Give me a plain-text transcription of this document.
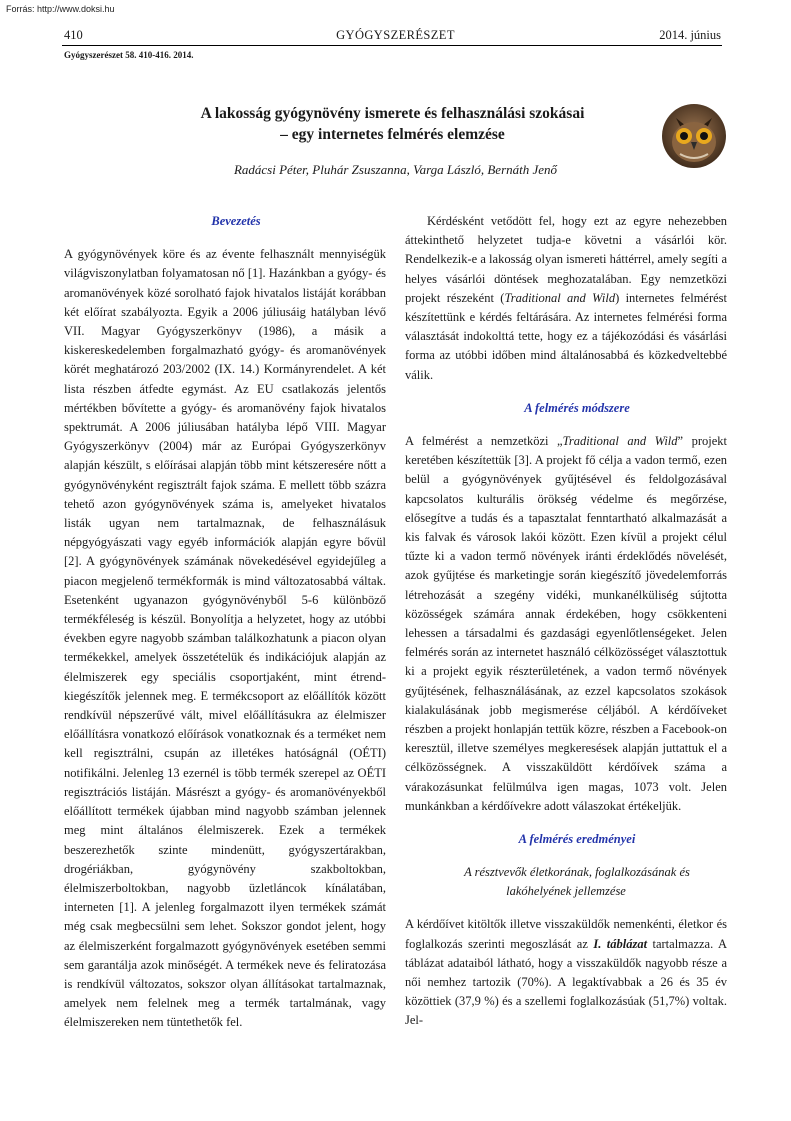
Forrás: http://www.doksi.hu
GYÓGYSZERÉSZET
410	2014. június
Gyógyszerészet 58. 410-416. 2014.
A lakosság gyógynövény ismerete és felhasználási szokásai
– egy internetes felmérés elemzése
Radácsi Péter, Pluhár Zsuszanna, Varga László, Bernáth Jenő

Bevezetés

A gyógynövények köre és az évente felhasznált mennyiségük világviszonylatban folyamatosan nő [1]. Hazánkban a gyógy- és aromanövények közé sorolható fajok hivatalos listáját korábban két előírat szabályozta. Egyik a 2006 júliusáig hatályban lévő VII. Magyar Gyógyszerkönyv (1986), a másik a kiskereskedelemben forgalmazható gyógy- és aromanövények körét meghatározó 203/2002 (IX. 14.) Kormányrendelet. A két lista részben átfedte egymást. Az EU csatlakozás jelentős mértékben bővítette a gyógy- és aromanövény fajok hivatalos spektrumát. A 2006 júliusában hatályba lépő VIII. Magyar Gyógyszerkönyv (2004) már az Európai Gyógyszerkönyv alapján készült, s előírásai alapján több mint kétszeresére nőtt a gyógynövényként regisztrált fajok száma. E mellett több százra tehető azon gyógynövények száma is, amelyeket hivatalos listák ugyan nem tartalmaznak, de felhasználásuk népgyógyászati vagy egyéb információk alapján egyre bővül [2]. A gyógynövények számának növekedésével egyidejűleg a piacon megjelenő termékformák is mind változatosabbá váltak. Esetenként ugyanazon gyógynövényből 5-6 különböző termékféleség is készül. Bonyolítja a helyzetet, hogy az utóbbi években egyre nagyobb számban találkozhatunk a piacon olyan termékekkel, amelyek összetételük és indikációjuk alapján az élelmiszerek egy speciális csoportjaként, mint étrend-kiegészítők jelennek meg. E termékcsoport az előállítók között rendkívül népszerűvé vált, mivel előállításukra az élelmiszer előállításra vonatkozó előírások vonatkoznak és a terméket nem kell regisztrálni, csupán az illetékes hatóságnál (OÉTI) notifikálni. Jelenleg 13 ezernél is több termék szerepel az OÉTI regisztrációs listáján. Másrészt a gyógy- és aromanövényekből előállított termékek újabban mind nagyobb számban jelennek meg mint általános élelmiszerek. Ezek a termékek beszerezhetők szinte mindenütt, gyógyszertárakban, drogériákban, gyógynövény szakboltokban, élelmiszerboltokban, nagyobb üzletláncok kínálatában, interneten [1]. A jelenleg forgalmazott ilyen termékek számát még csak megbecsülni sem lehet. Sokszor gondot jelent, hogy az élelmiszerként forgalmazott gyógynövények esetében semmi sem garantálja azok minőségét. A termékek neve és feliratozása is rendkívül változatos, sokszor olyan állításokat tartalmaznak, amelyek nem felelnek meg a termék tartalmának, vagy élelmiszereken nem tüntethetők fel.

Kérdésként vetődött fel, hogy ezt az egyre nehezebben áttekinthető helyzetet tudja-e követni a vásárlói kör. Rendelkezik-e a lakosság olyan ismereti háttérrel, amely segíti a helyes vásárlói döntések meghozatalában. Egy nemzetközi projekt részeként (Traditional and Wild) internetes felmérést készítettünk e kérdés feltárására. Az internetes felmérési forma választását indokolttá tette, hogy ez a tájékozódási és vásárlási forma az utóbbi időben mind általánosabbá és közkedveltebbé válik.

A felmérés módszere

A felmérést a nemzetközi „Traditional and Wild” projekt keretében készítettük [3]. A projekt fő célja a vadon termő, ezen belül a gyógynövények gyűjtésével és feldolgozásával kapcsolatos kulturális örökség védelme és megőrzése, elősegítve a tudás és a tapasztalat fenntartható alkalmazását a kis falvak és városok lakói között. Ezen kívül a projekt célul tűzte ki a vadon termő növények iránti érdeklődés növelését, azok gyűjtése és marketingje során kiegészítő jövedelemforrás létrehozását a szegény vidéki, munkanélküliség sújtotta közösségek számára annak érdekében, hogy csökkenteni lehessen a társadalmi és gazdasági egyenlőtlenségeket. Jelen felmérés során az internetet használó célközösséget választottuk ki a projekt egyik részterületének, a vadon termő növények gyűjtésének, felhasználásának, az ezzel kapcsolatos szokások kialakulásának jobb megismerése céljából. A kérdőíveket részben a projekt honlapján tettük közre, részben a Facebook-on keresztül, illetve személyes megkeresések alapján juttattuk el a célközösségnek. A visszaküldött kérdőívek száma a várakozásunkat felülmúlva igen magas, 1073 volt. Jelen munkánkban a kérdőívekre adott válaszokat értékeljük.

A felmérés eredményei

A résztvevők életkorának, foglalkozásának és
lakóhelyének jellemzése

A kérdőívet kitöltők illetve visszaküldők nemenkénti, életkor és foglalkozás szerinti megoszlását az I. táblázat tartalmazza. A táblázat adataiból látható, hogy a visszaküldők nagyobb része a női nemhez tartozik (70%). A legaktívabbak a 26 és 35 év közöttiek (37,9 %) és a szellemi foglalkozásúak (51,7%) voltak. Jel-
